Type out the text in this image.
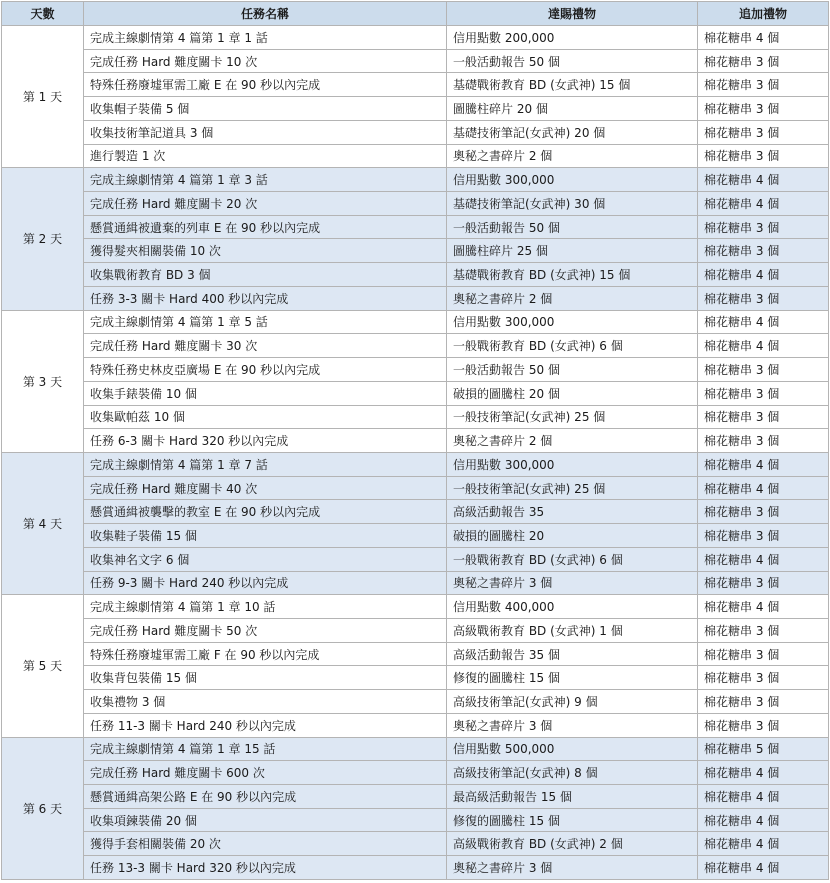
天數	任務名稱	達賜禮物	追加禮物
第 1 天	完成主線劇情第 4 篇第 1 章 1 話	信用點數 200,000	棉花糖串 4 個
	完成任務 Hard 難度關卡 10 次	一般活動報告 50 個	棉花糖串 3 個
	特殊任務廢墟軍需工廠 E 在 90 秒以內完成	基礎戰術教育 BD (女武神) 15 個	棉花糖串 3 個
	收集帽子裝備 5 個	圖騰柱碎片 20 個	棉花糖串 3 個
	收集技術筆記道具 3 個	基礎技術筆記(女武神) 20 個	棉花糖串 3 個
	進行製造 1 次	奧秘之書碎片 2 個	棉花糖串 3 個
第 2 天	完成主線劇情第 4 篇第 1 章 3 話	信用點數 300,000	棉花糖串 4 個
	完成任務 Hard 難度關卡 20 次	基礎技術筆記(女武神) 30 個	棉花糖串 4 個
	懸賞通緝被遺棄的列車 E 在 90 秒以內完成	一般活動報告 50 個	棉花糖串 3 個
	獲得髮夾相關裝備 10 次	圖騰柱碎片 25 個	棉花糖串 3 個
	收集戰術教育 BD 3 個	基礎戰術教育 BD (女武神) 15 個	棉花糖串 4 個
	任務 3-3 關卡 Hard 400 秒以內完成	奧秘之書碎片 2 個	棉花糖串 3 個
第 3 天	完成主線劇情第 4 篇第 1 章 5 話	信用點數 300,000	棉花糖串 4 個
	完成任務 Hard 難度關卡 30 次	一般戰術教育 BD (女武神) 6 個	棉花糖串 4 個
	特殊任務史林皮亞廣場 E 在 90 秒以內完成	一般活動報告 50 個	棉花糖串 3 個
	收集手錶裝備 10 個	破損的圖騰柱 20 個	棉花糖串 3 個
	收集歐帕茲 10 個	一般技術筆記(女武神) 25 個	棉花糖串 3 個
	任務 6-3 關卡 Hard 320 秒以內完成	奧秘之書碎片 2 個	棉花糖串 3 個
第 4 天	完成主線劇情第 4 篇第 1 章 7 話	信用點數 300,000	棉花糖串 4 個
	完成任務 Hard 難度關卡 40 次	一般技術筆記(女武神) 25 個	棉花糖串 4 個
	懸賞通緝被襲擊的教室 E 在 90 秒以內完成	高級活動報告 35	棉花糖串 3 個
	收集鞋子裝備 15 個	破損的圖騰柱 20	棉花糖串 3 個
	收集神名文字 6 個	一般戰術教育 BD (女武神) 6 個	棉花糖串 4 個
	任務 9-3 關卡 Hard 240 秒以內完成	奧秘之書碎片 3 個	棉花糖串 3 個
第 5 天	完成主線劇情第 4 篇第 1 章 10 話	信用點數 400,000	棉花糖串 4 個
	完成任務 Hard 難度關卡 50 次	高級戰術教育 BD (女武神) 1 個	棉花糖串 3 個
	特殊任務廢墟軍需工廠 F 在 90 秒以內完成	高級活動報告 35 個	棉花糖串 3 個
	收集背包裝備 15 個	修復的圖騰柱 15 個	棉花糖串 3 個
	收集禮物 3 個	高級技術筆記(女武神) 9 個	棉花糖串 3 個
	任務 11-3 關卡 Hard 240 秒以內完成	奧秘之書碎片 3 個	棉花糖串 3 個
第 6 天	完成主線劇情第 4 篇第 1 章 15 話	信用點數 500,000	棉花糖串 5 個
	完成任務 Hard 難度關卡 600 次	高級技術筆記(女武神) 8 個	棉花糖串 4 個
	懸賞通緝高架公路 E 在 90 秒以內完成	最高級活動報告 15 個	棉花糖串 4 個
	收集項鍊裝備 20 個	修復的圖騰柱 15 個	棉花糖串 4 個
	獲得手套相關裝備 20 次	高級戰術教育 BD (女武神) 2 個	棉花糖串 4 個
	任務 13-3 關卡 Hard 320 秒以內完成	奧秘之書碎片 3 個	棉花糖串 4 個
